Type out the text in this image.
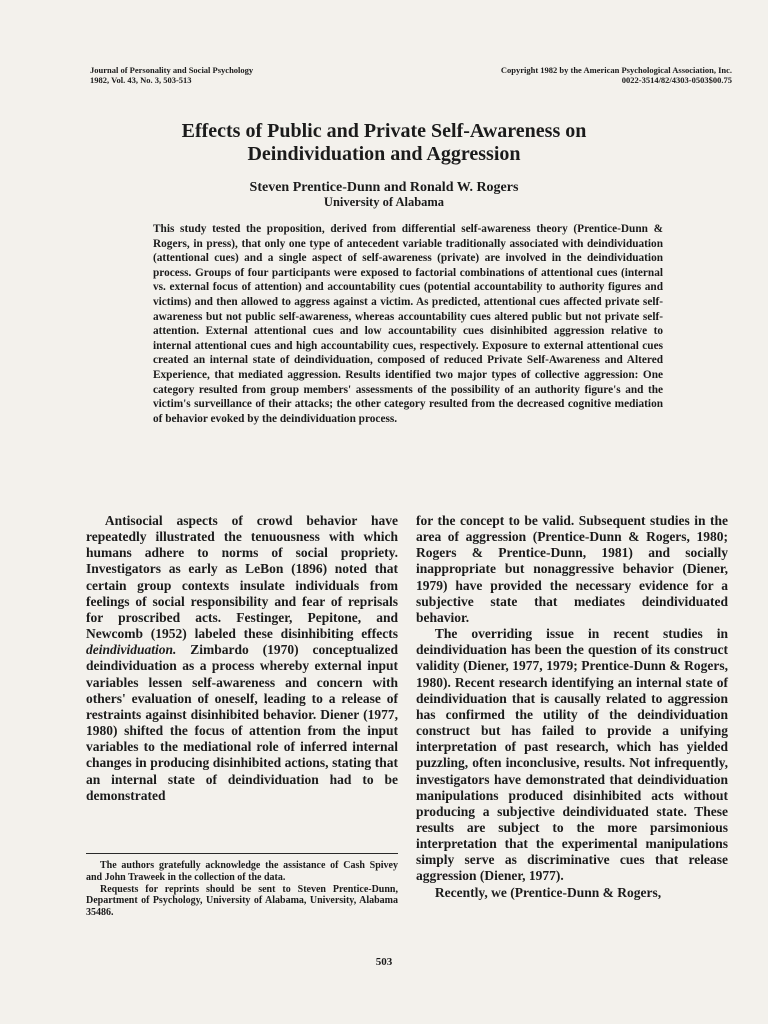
Journal of Personality and Social Psychology
1982, Vol. 43, No. 3, 503-513
Copyright 1982 by the American Psychological Association, Inc.
0022-3514/82/4303-0503$00.75
Effects of Public and Private Self-Awareness on
Deindividuation and Aggression
Steven Prentice-Dunn and Ronald W. Rogers
University of Alabama

This study tested the proposition, derived from differential self-awareness theory (Prentice-Dunn & Rogers, in press), that only one type of antecedent variable traditionally associated with deindividuation (attentional cues) and a single aspect of self-awareness (private) are involved in the deindividuation process. Groups of four participants were exposed to factorial combinations of attentional cues (internal vs. external focus of attention) and accountability cues (potential accountability to authority figures and victims) and then allowed to aggress against a victim. As predicted, attentional cues affected private self-awareness but not public self-awareness, whereas accountability cues altered public but not private self-attention. External attentional cues and low accountability cues disinhibited aggression relative to internal attentional cues and high accountability cues, respectively. Exposure to external attentional cues created an internal state of deindividuation, composed of reduced Private Self-Awareness and Altered Experience, that mediated aggression. Results identified two major types of collective aggression: One category resulted from group members' assessments of the possibility of an authority figure's and the victim's surveillance of their attacks; the other category resulted from the decreased cognitive mediation of behavior evoked by the deindividuation process.

Antisocial aspects of crowd behavior have repeatedly illustrated the tenuousness with which humans adhere to norms of social propriety. Investigators as early as LeBon (1896) noted that certain group contexts insulate individuals from feelings of social responsibility and fear of reprisals for proscribed acts. Festinger, Pepitone, and Newcomb (1952) labeled these disinhibiting effects deindividuation. Zimbardo (1970) conceptualized deindividuation as a process whereby external input variables lessen self-awareness and concern with others' evaluation of oneself, leading to a release of restraints against disinhibited behavior. Diener (1977, 1980) shifted the focus of attention from the input variables to the mediational role of inferred internal changes in producing disinhibited actions, stating that an internal state of deindividuation had to be demonstrated

for the concept to be valid. Subsequent studies in the area of aggression (Prentice-Dunn & Rogers, 1980; Rogers & Prentice-Dunn, 1981) and socially inappropriate but nonaggressive behavior (Diener, 1979) have provided the necessary evidence for a subjective state that mediates deindividuated behavior.

The overriding issue in recent studies in deindividuation has been the question of its construct validity (Diener, 1977, 1979; Prentice-Dunn & Rogers, 1980). Recent research identifying an internal state of deindividuation that is causally related to aggression has confirmed the utility of the deindividuation construct but has failed to provide a unifying interpretation of past research, which has yielded puzzling, often inconclusive, results. Not infrequently, investigators have demonstrated that deindividuation manipulations produced disinhibited acts without producing a subjective deindividuated state. These results are subject to the more parsimonious interpretation that the experimental manipulations simply serve as discriminative cues that release aggression (Diener, 1977).

Recently, we (Prentice-Dunn & Rogers,

The authors gratefully acknowledge the assistance of Cash Spivey and John Traweek in the collection of the data.

Requests for reprints should be sent to Steven Prentice-Dunn, Department of Psychology, University of Alabama, University, Alabama 35486.

503
